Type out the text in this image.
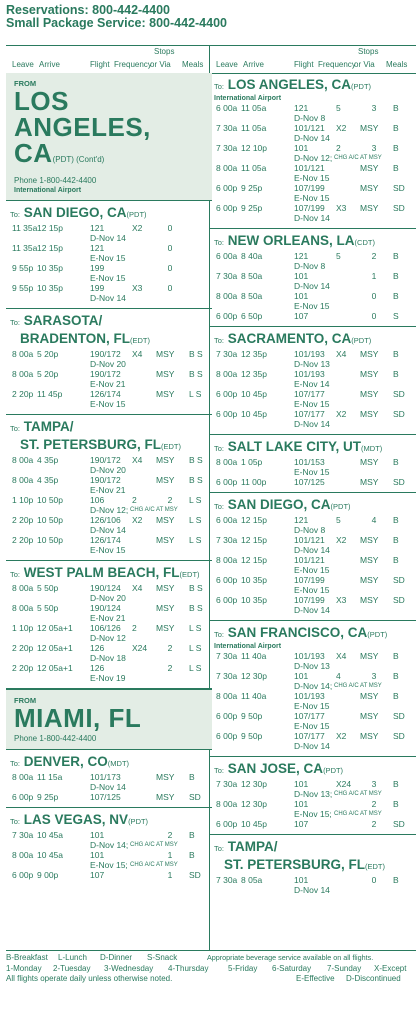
Reservations: 800-442-4400
Small Package Service: 800-442-4400
Leave Arrive	Flight Frequency
Stops
or Via Meals Leave Arrive	Flight Frequency
Stops
or Via Meals
FROM
LOS ANGELES,
CA(PDT) (Cont'd)
Phone 1-800-442-4400
International Airport
To: SAN DIEGO, CA(PDT)
11 35a 12 15p	121	X2	0
D-Nov 14
11 35a 12 15p	121	0
E-Nov 15
9 55p 10 35p	199	0
E-Nov 15
9 55p 10 35p	199	X3	0
D-Nov 14
To: SARASOTA/
BRADENTON, FL(EDT)
8 00a 5 20p	190/172 X4 MSY B S
D-Nov 20
8 00a 5 20p	190/172	MSY B S
E-Nov 21
2 20p 11 45p	126/174	MSY L S
E-Nov 15
To: TAMPA/
ST. PETERSBURG, FL(EDT)
8 00a 4 35p	190/172 X4 MSY B S
D-Nov 20
8 00a 4 35p	190/172	MSY B S
E-Nov 21
1 10p 10 50p	106	2	2	L S
D-Nov 12; CHG A/C AT MSY
2 20p 10 50p	126/106 X2 MSY L S
D-Nov 14
2 20p 10 50p	126/174	MSY L S
E-Nov 15
To: WEST PALM BEACH, FL(EDT)
8 00a 5 50p	190/124 X4 MSY B S
D-Nov 20
8 00a 5 50p	190/124	MSY B S
E-Nov 21
1 10p 12 05a+1 106/126 2 MSY L S
D-Nov 12
2 20p 12 05a+1 126	X24	2	L S
D-Nov 18
2 20p 12 05a+1 126	2	L S
E-Nov 19
FROM
MIAMI, FL
Phone 1-800-442-4400
To: DENVER, CO(MDT)
8 00a 11 15a	101/173	MSY B
D-Nov 14
6 00p 9 25p	107/125	MSY SD
To: LAS VEGAS, NV(PDT)
7 30a 10 45a	101	2	B
D-Nov 14; CHG A/C AT MSY
8 00a 10 45a	101	1	B
E-Nov 15; CHG A/C AT MSY
6 00p 9 00p	107	1	SD
To: LOS ANGELES, CA(PDT)
International Airport
6 00a 11 05a	121	5	3	B
D-Nov 8
7 30a 11 05a	101/121 X2 MSY B
D-Nov 14
7 30a 12 10p	101	2	3	B
D-Nov 12; CHG A/C AT MSY
8 00a 11 05a	101/121	MSY B
E-Nov 15
6 00p 9 25p	107/199	MSY SD
E-Nov 15
6 00p 9 25p	107/199 X3 MSY SD
D-Nov 14
To: NEW ORLEANS, LA(CDT)
6 00a 8 40a	121	5	2	B
D-Nov 8
7 30a 8 50a	101	1	B
D-Nov 14
8 00a 8 50a	101	0	B
E-Nov 15
6 00p 6 50p	107	0	S
To: SACRAMENTO, CA(PDT)
7 30a 12 35p	101/193 X4 MSY B
D-Nov 13
8 00a 12 35p	101/193	MSY B
E-Nov 14
6 00p 10 45p	107/177	MSY SD
E-Nov 15
6 00p 10 45p	107/177 X2 MSY SD
D-Nov 14
To: SALT LAKE CITY, UT(MDT)
8 00a 1 05p	101/153	MSY B
E-Nov 15
6 00p 11 00p	107/125	MSY SD
To: SAN DIEGO, CA(PDT)
6 00a 12 15p	121	5	4	B
D-Nov 8
7 30a 12 15p	101/121 X2 MSY B
D-Nov 14
8 00a 12 15p	101/121	MSY B
E-Nov 15
6 00p 10 35p	107/199	MSY SD
E-Nov 15
6 00p 10 35p	107/199 X3 MSY SD
D-Nov 14
To: SAN FRANCISCO, CA(PDT)
International Airport
7 30a 11 40a	101/193 X4 MSY B
D-Nov 13
7 30a 12 30p	101	4	3	B
D-Nov 14; CHG A/C AT MSY
8 00a 11 40a	101/193	MSY B
E-Nov 15
6 00p 9 50p	107/177	MSY SD
E-Nov 15
6 00p 9 50p	107/177 X2 MSY SD
D-Nov 14
To: SAN JOSE, CA(PDT)
7 30a 12 30p	101	X24	3	B
D-Nov 13; CHG A/C AT MSY
8 00a 12 30p	101	2	B
E-Nov 15; CHG A/C AT MSY
6 00p 10 45p	107	2	SD
To: TAMPA/
ST. PETERSBURG, FL(EDT)
7 30a 8 05a	101	0	B
D-Nov 14
B-Breakfast L-Lunch D-Dinner S-Snack	Appropriate beverage service available on all flights.
1-Monday 2-Tuesday 3-Wednesday 4-Thursday 5-Friday 6-Saturday 7-Sunday X-Except
All flights operate daily unless otherwise noted.	E-Effective D-Discontinued
